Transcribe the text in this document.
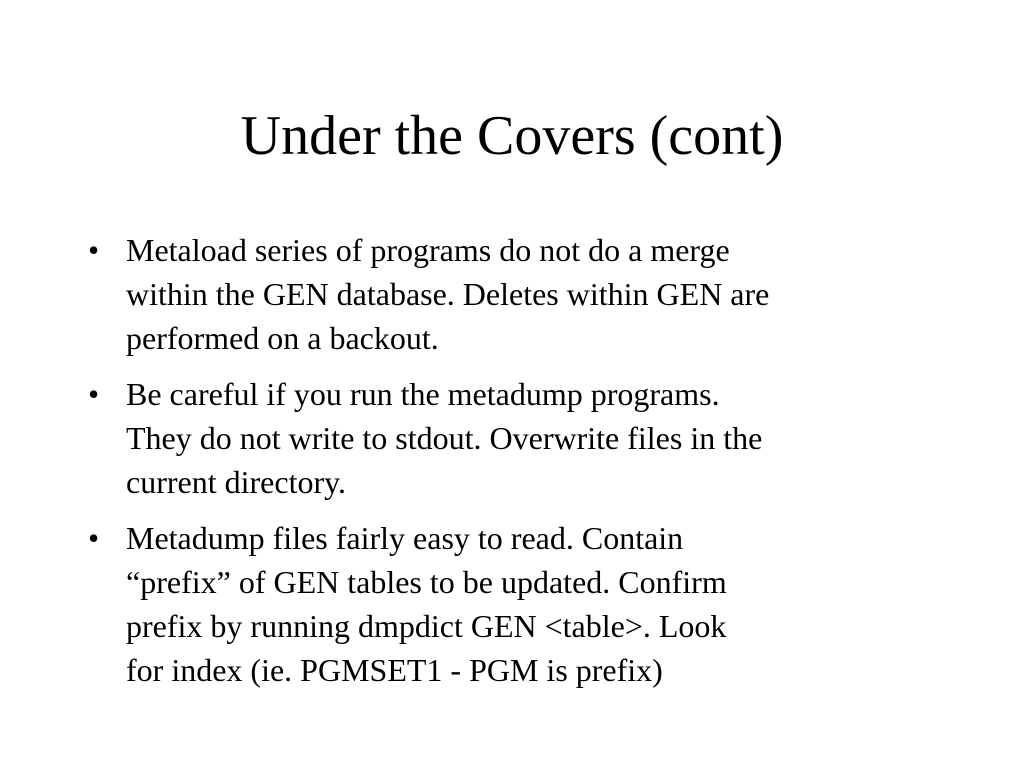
Under the Covers (cont)
• Metaload series of programs do not do a merge
within the GEN database. Deletes within GEN are
performed on a backout.
• Be careful if you run the metadump programs.
They do not write to stdout. Overwrite files in the
current directory.
• Metadump files fairly easy to read. Contain
“prefix” of GEN tables to be updated. Confirm
prefix by running dmpdict GEN <table>. Look
for index (ie. PGMSET1 - PGM is prefix)
